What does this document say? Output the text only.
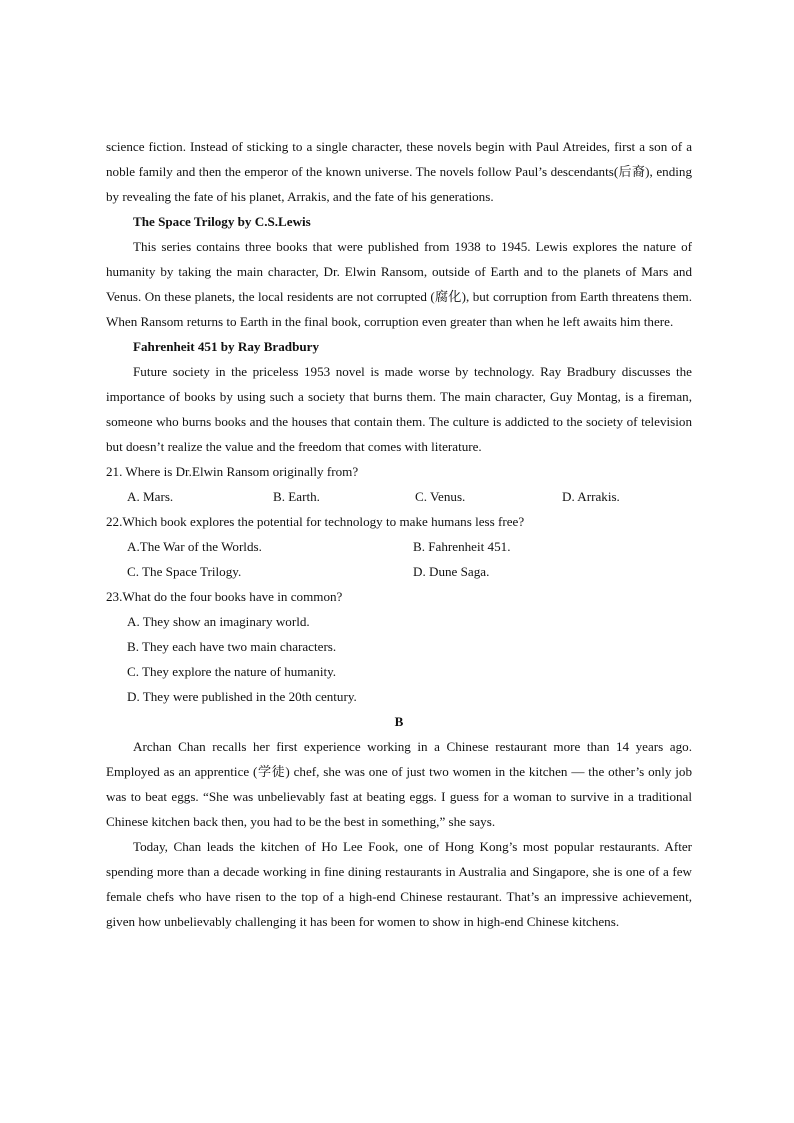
science fiction. Instead of sticking to a single character, these novels begin with Paul Atreides, first a son of a noble family and then the emperor of the known universe. The novels follow Paul’s descendants(后裔), ending by revealing the fate of his planet, Arrakis, and the fate of his generations.

The Space Trilogy by C.S.Lewis

This series contains three books that were published from 1938 to 1945. Lewis explores the nature of humanity by taking the main character, Dr. Elwin Ransom, outside of Earth and to the planets of Mars and Venus. On these planets, the local residents are not corrupted (腐化), but corruption from Earth threatens them. When Ransom returns to Earth in the final book, corruption even greater than when he left awaits him there.

Fahrenheit 451 by Ray Bradbury

Future society in the priceless 1953 novel is made worse by technology. Ray Bradbury discusses the importance of books by using such a society that burns them. The main character, Guy Montag, is a fireman, someone who burns books and the houses that contain them. The culture is addicted to the society of television but doesn’t realize the value and the freedom that comes with literature.

21. Where is Dr.Elwin Ransom originally from?

A. Mars.	B. Earth.	C. Venus.	D. Arrakis.

22.Which book explores the potential for technology to make humans less free?

A.The War of the Worlds.	B. Fahrenheit 451.
C. The Space Trilogy.	D. Dune Saga.

23.What do the four books have in common?

A. They show an imaginary world.

B. They each have two main characters.

C. They explore the nature of humanity.

D. They were published in the 20th century.

B

Archan Chan recalls her first experience working in a Chinese restaurant more than 14 years ago. Employed as an apprentice (学徒) chef, she was one of just two women in the kitchen — the other’s only job was to beat eggs. “She was unbelievably fast at beating eggs. I guess for a woman to survive in a traditional Chinese kitchen back then, you had to be the best in something,” she says.

Today, Chan leads the kitchen of Ho Lee Fook, one of Hong Kong’s most popular restaurants. After spending more than a decade working in fine dining restaurants in Australia and Singapore, she is one of a few female chefs who have risen to the top of a high-end Chinese restaurant. That’s an impressive achievement, given how unbelievably challenging it has been for women to show in high-end Chinese kitchens.
